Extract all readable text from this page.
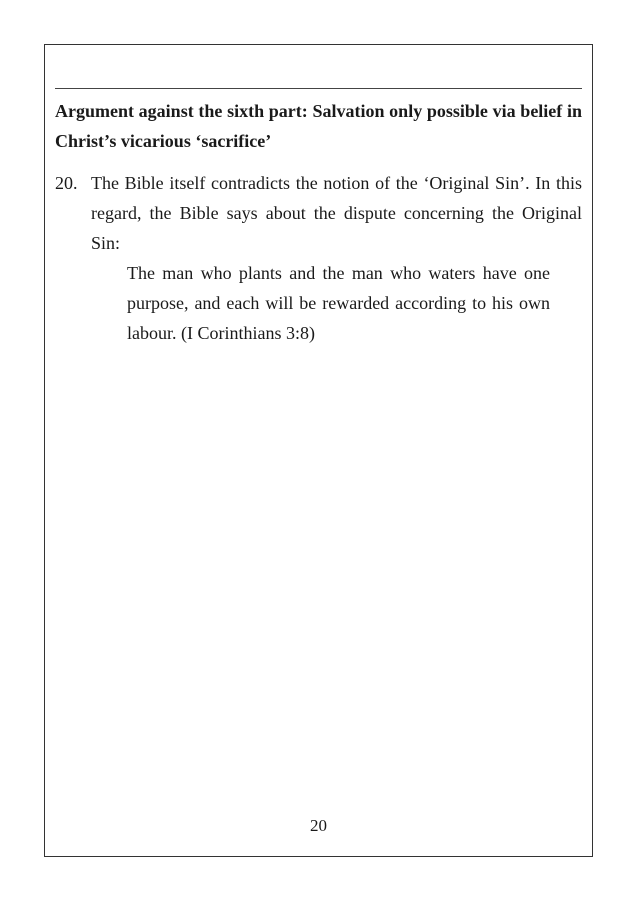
Argument against the sixth part: Salvation only possible via belief in Christ’s vicarious ‘sacrifice’
20. The Bible itself contradicts the notion of the ‘Original Sin’. In this regard, the Bible says about the dispute concerning the Original Sin:
The man who plants and the man who waters have one purpose, and each will be rewarded according to his own labour. (I Corinthians 3:8)
20
